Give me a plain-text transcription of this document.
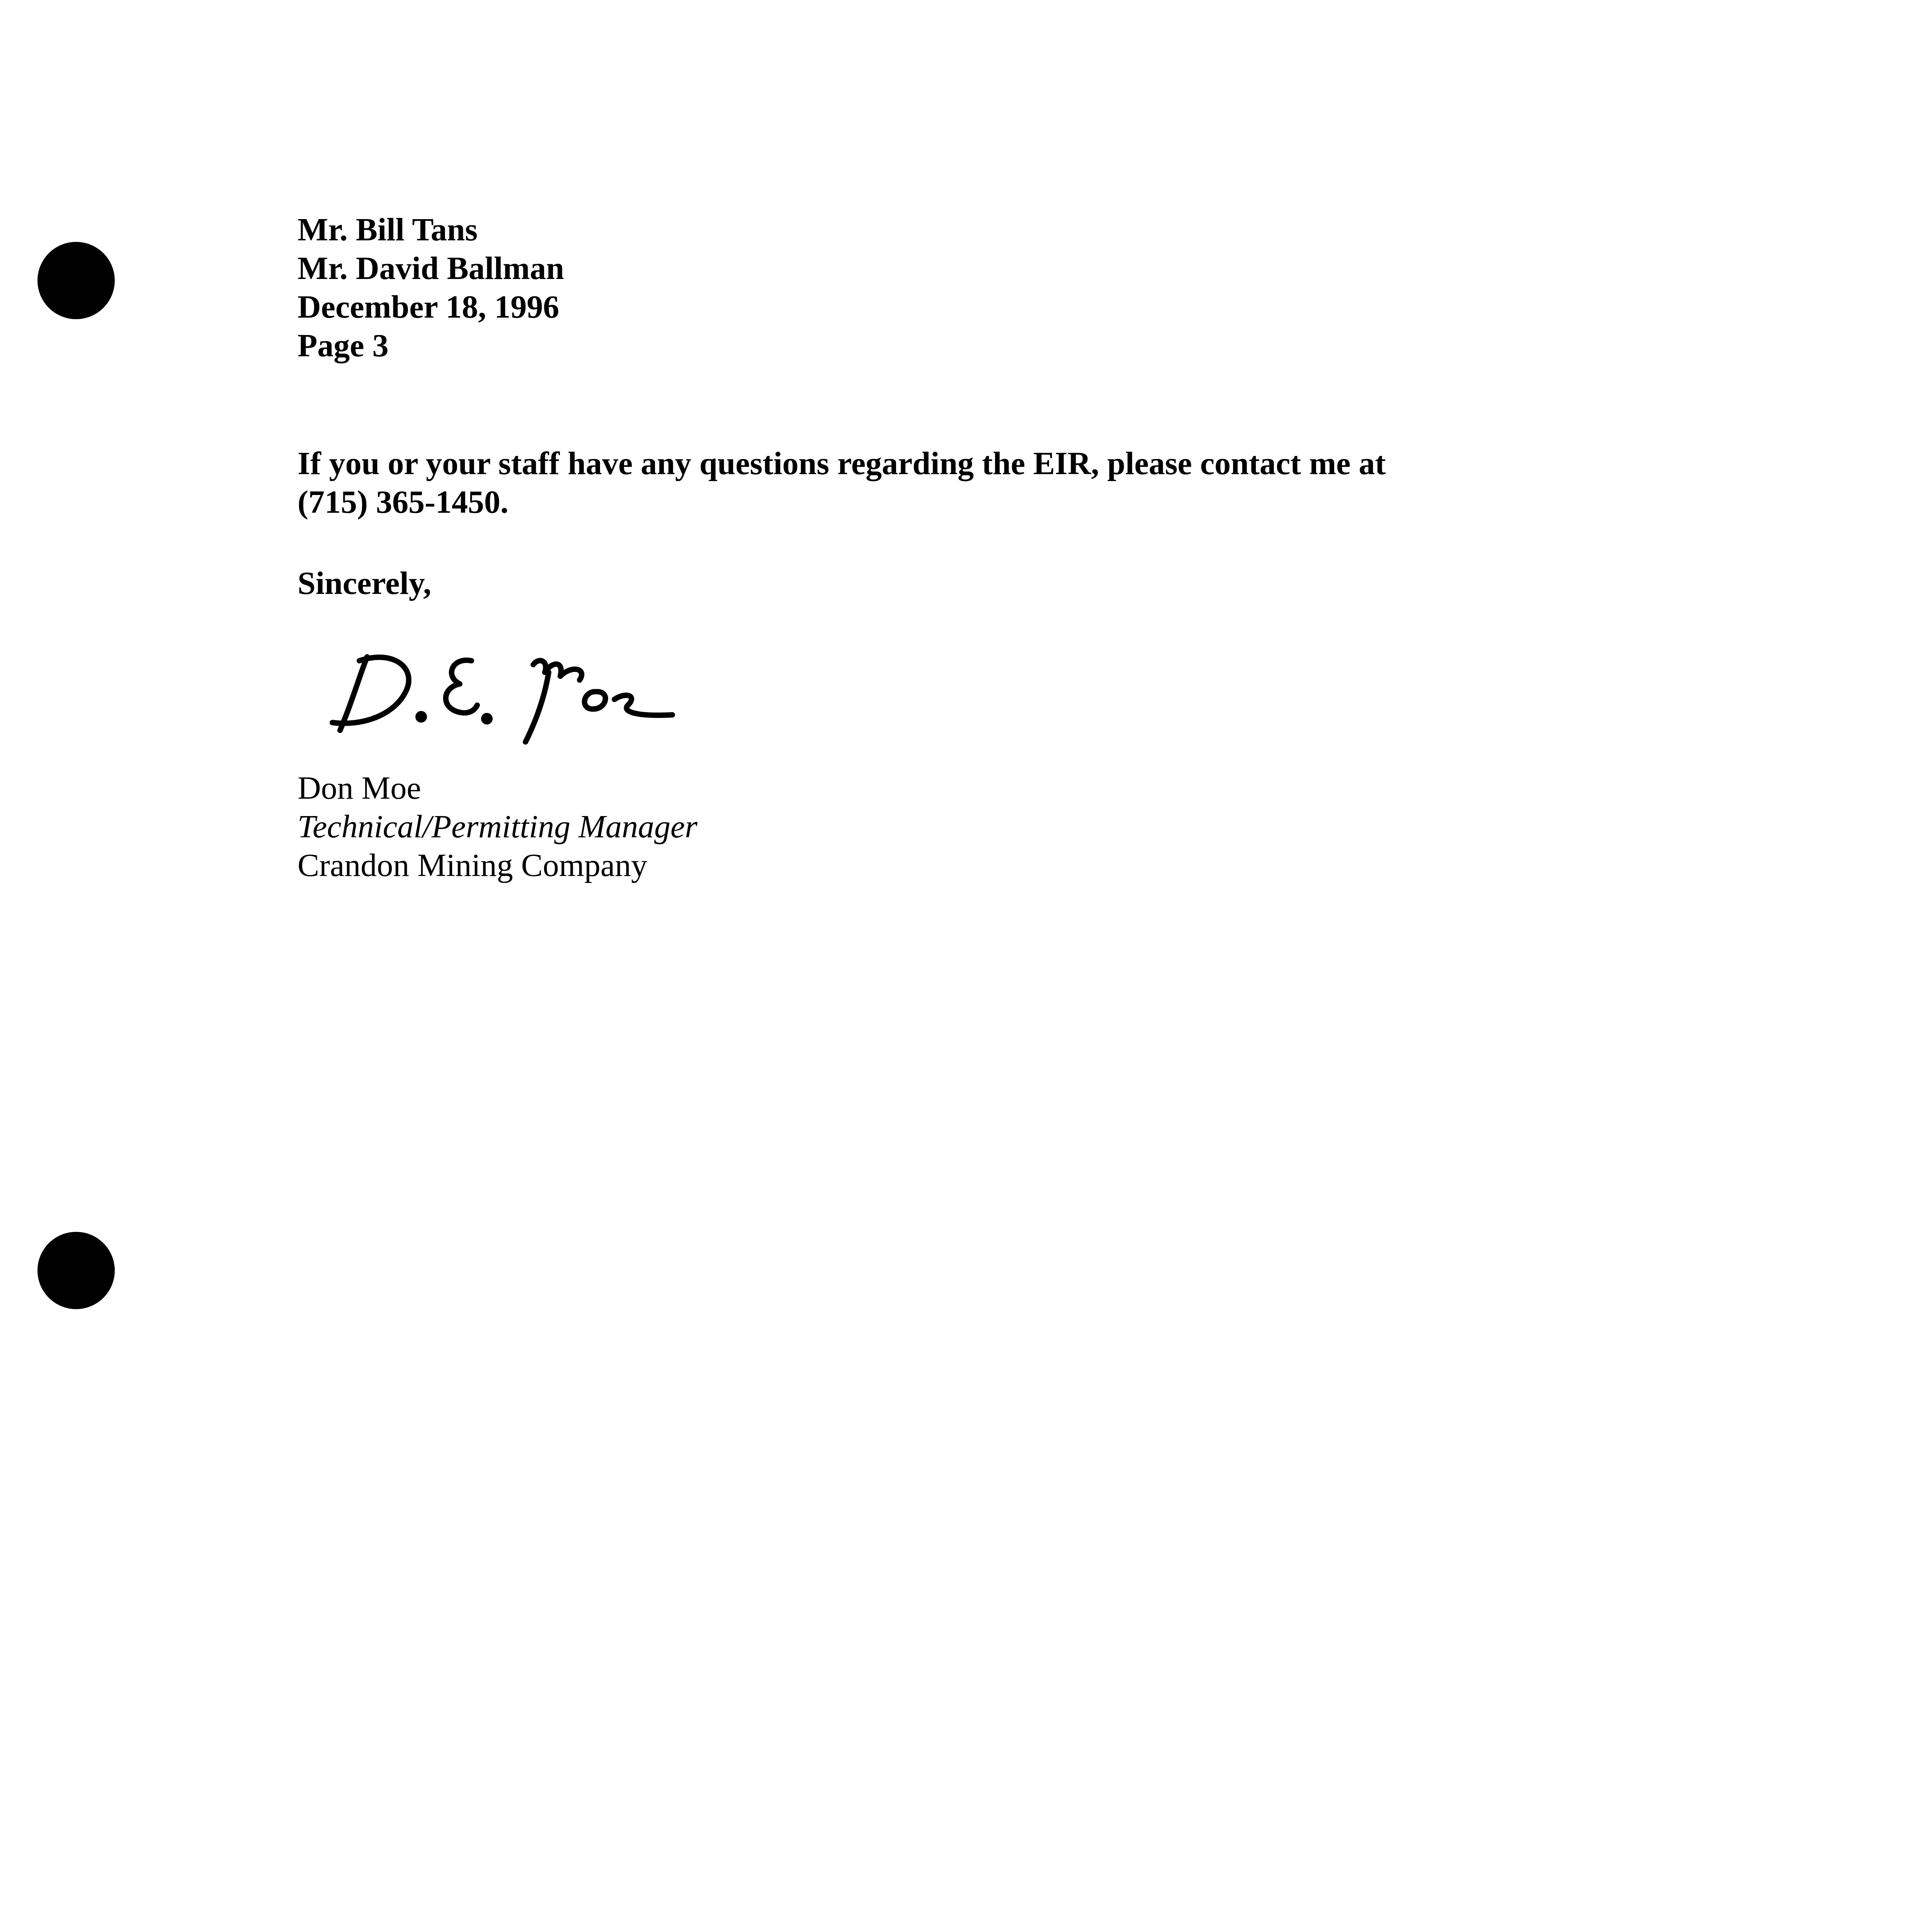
Mr. Bill Tans
Mr. David Ballman
December 18, 1996
Page 3
If you or your staff have any questions regarding the EIR, please contact me at
(715) 365-1450.
Sincerely,
Don Moe
Technical/Permitting Manager
Crandon Mining Company
